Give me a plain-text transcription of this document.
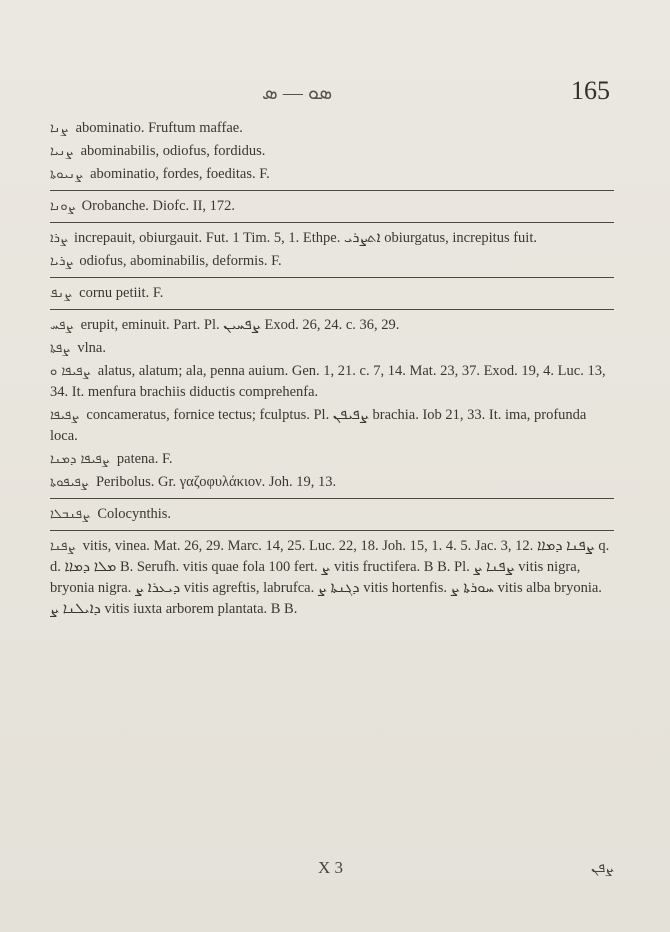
ܣܘ — ܣ	165
ܨܢܐ abominatio. Fruftum maffae.
ܨܢܝܐ abominabilis, odiofus, fordidus.
ܨܢܝܘܬܐ abominatio, fordes, foeditas. F.
ܨܘܢܐ Orobanche. Diofc. II, 172.
ܨܪܐ increpauit, obiurgauit. Fut. 1 Tim. 5, 1. Ethpe. ܐܬܨܪܝ obiurgatus, increpitus fuit.
ܨܪܝܐ odiofus, abominabilis, deformis. F.
ܨܢܦ cornu petiit. F.
ܨܦܚ erupit, eminuit. Part. Pl. ܨܦܚܝܢ Exod. 26, 24. c. 36, 29.
ܨܦܬܐ vlna.
ܨܦܝܦܐ ܘ alatus, alatum; ala, penna auium. Gen. 1, 21. c. 7, 14. Mat. 23, 37. Exod. 19, 4. Luc. 13, 34. It. menfura brachiis diductis comprehenfa.
ܨܦܝܦܐ concameratus, fornice tectus; fculptus. Pl. ܨܦܝܦܢ brachia. Iob 21, 33. It. ima, profunda loca.
ܨܦܝܦܐ ܕܡܢܐ patena. F.
ܨܦܝܦܘܬܐ Peribolus. Gr. γαζοφυλάκιον. Joh. 19, 13.
ܨܦܢܒܠܐ Colocynthis.
ܨܦܢܐ vitis, vinea. Mat. 26, 29. Marc. 14, 25. Luc. 22, 18. Joh. 15, 1. 4. 5. Jac. 3, 12. ܨܦܢܐ ܕܡܐܐ q. d. ܡܠܐ ܕܡܐܐ B. Serufh. vitis quae fola 100 fert. ܨ vitis fructifera. B B. Pl. ܨܦܢܐ ܨ vitis nigra, bryonia nigra. ܕܝܥܪܐ ܨ vitis agreftis, labrufca. ܕܓܢܬܐ ܨ vitis hortenfis. ܚܘܪܬܐ ܨ vitis alba bryonia. ܕܐܝܠܢܐ ܨ vitis iuxta arborem plantata. B B.
X 3	ܨܦܢ
